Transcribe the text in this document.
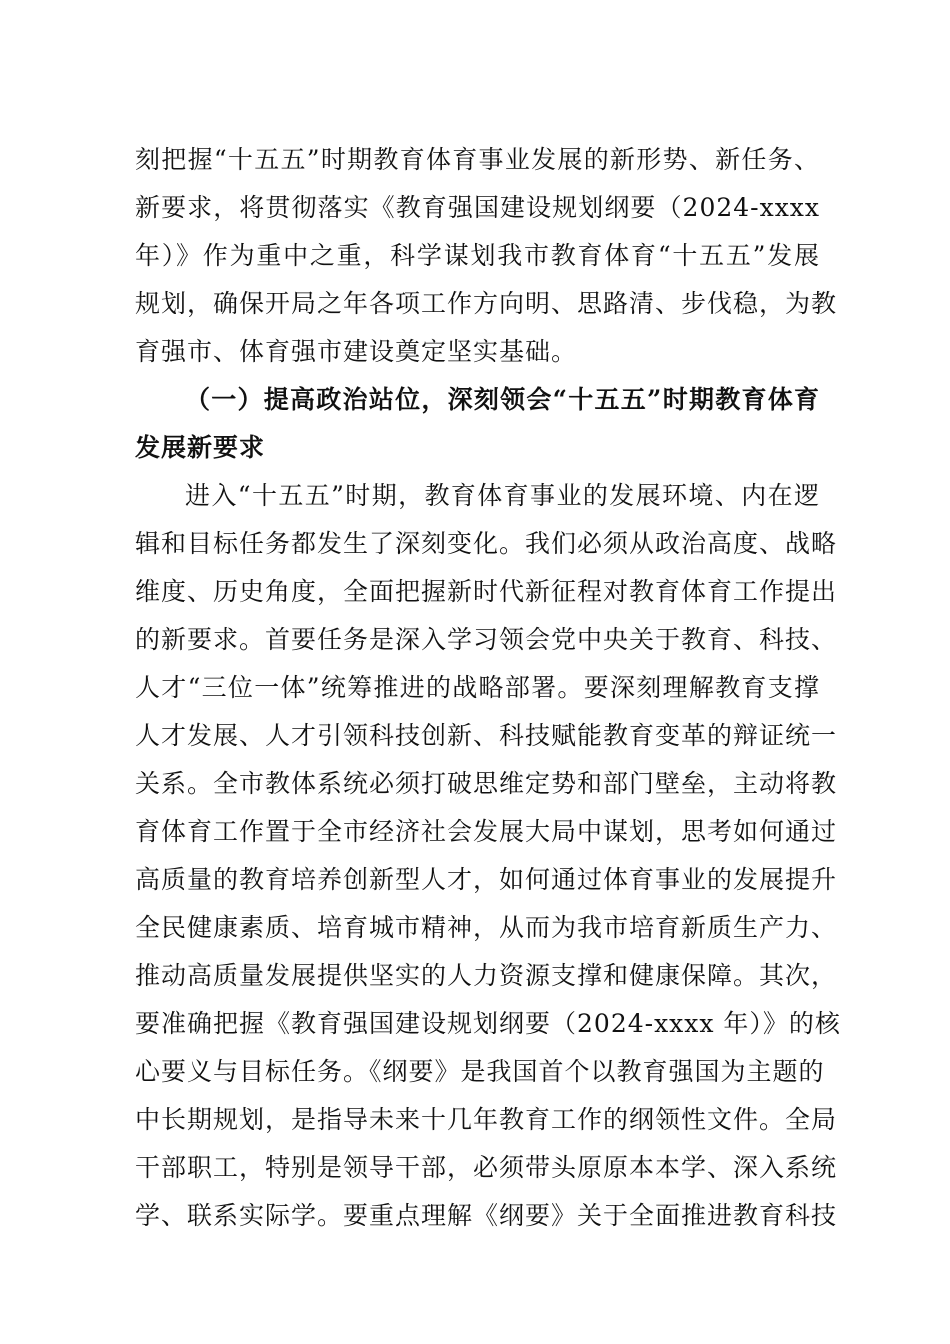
刻把握“十五五”时期教育体育事业发展的新形势、新任务、
新要求，将贯彻落实《教育强国建设规划纲要（2024-xxxx
年）》作为重中之重，科学谋划我市教育体育“十五五”发展
规划，确保开局之年各项工作方向明、思路清、步伐稳，为教
育强市、体育强市建设奠定坚实基础。
（一）提高政治站位，深刻领会“十五五”时期教育体育
发展新要求
进入“十五五”时期，教育体育事业的发展环境、内在逻
辑和目标任务都发生了深刻变化。我们必须从政治高度、战略
维度、历史角度，全面把握新时代新征程对教育体育工作提出
的新要求。首要任务是深入学习领会党中央关于教育、科技、
人才“三位一体”统筹推进的战略部署。要深刻理解教育支撑
人才发展、人才引领科技创新、科技赋能教育变革的辩证统一
关系。全市教体系统必须打破思维定势和部门壁垒，主动将教
育体育工作置于全市经济社会发展大局中谋划，思考如何通过
高质量的教育培养创新型人才，如何通过体育事业的发展提升
全民健康素质、培育城市精神，从而为我市培育新质生产力、
推动高质量发展提供坚实的人力资源支撑和健康保障。其次，
要准确把握《教育强国建设规划纲要（2024-xxxx 年）》的核
心要义与目标任务。《纲要》是我国首个以教育强国为主题的
中长期规划，是指导未来十几年教育工作的纲领性文件。全局
干部职工，特别是领导干部，必须带头原原本本学、深入系统
学、联系实际学。要重点理解《纲要》关于全面推进教育科技
